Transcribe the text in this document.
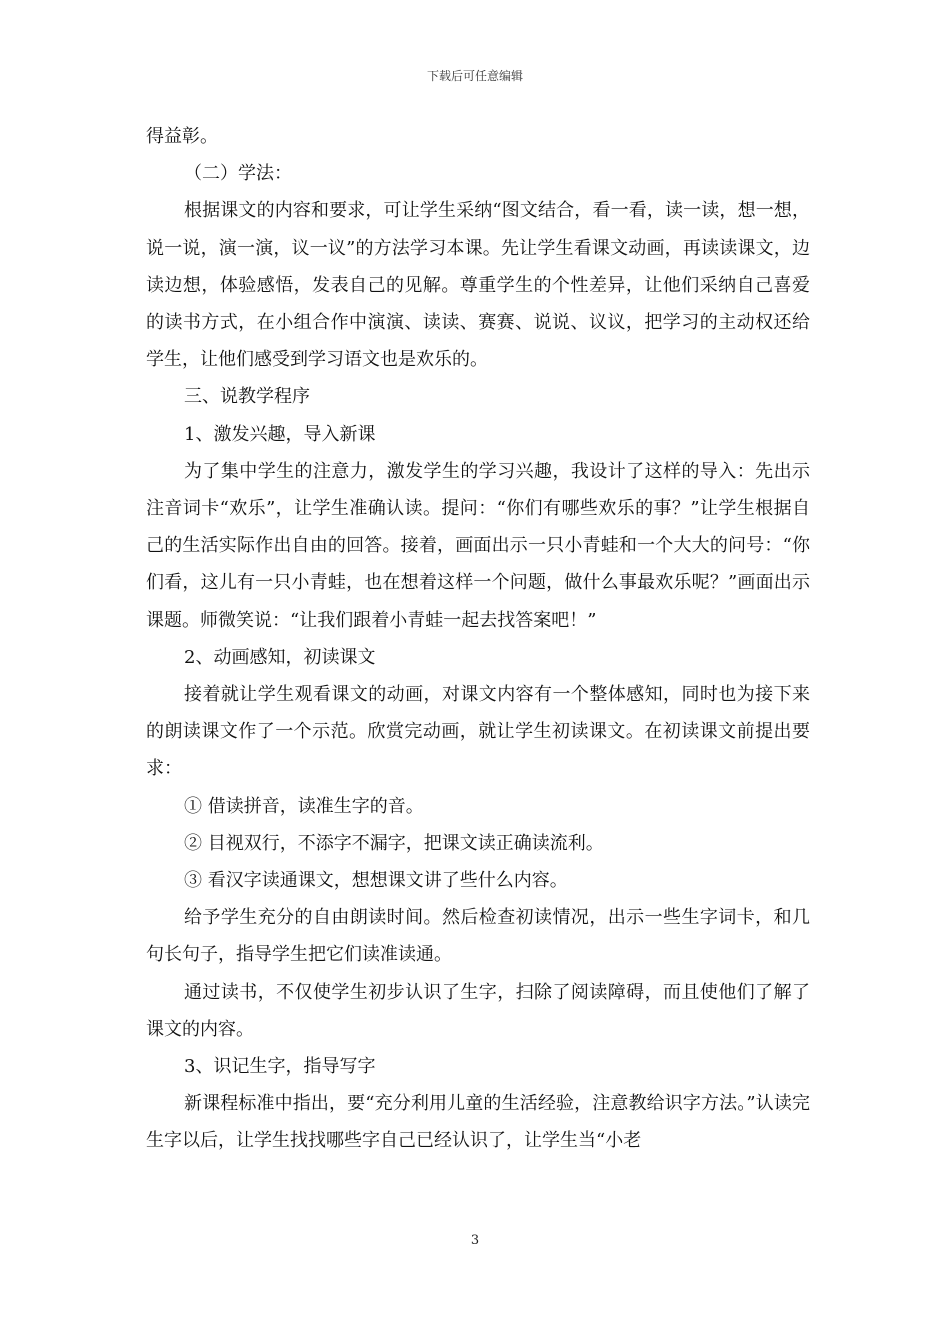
下载后可任意编辑

得益彰。

（二）学法：

根据课文的内容和要求，可让学生采纳“图文结合，看一看，读一读，想一想，说一说，演一演，议一议”的方法学习本课。先让学生看课文动画，再读读课文，边读边想，体验感悟，发表自己的见解。尊重学生的个性差异，让他们采纳自己喜爱的读书方式，在小组合作中演演、读读、赛赛、说说、议议，把学习的主动权还给学生，让他们感受到学习语文也是欢乐的。

三、说教学程序

1、激发兴趣，导入新课

为了集中学生的注意力，激发学生的学习兴趣，我设计了这样的导入：先出示注音词卡“欢乐”，让学生准确认读。提问：“你们有哪些欢乐的事？”让学生根据自己的生活实际作出自由的回答。接着，画面出示一只小青蛙和一个大大的问号：“你们看，这儿有一只小青蛙，也在想着这样一个问题，做什么事最欢乐呢？”画面出示课题。师微笑说：“让我们跟着小青蛙一起去找答案吧！”

2、动画感知，初读课文

接着就让学生观看课文的动画，对课文内容有一个整体感知，同时也为接下来的朗读课文作了一个示范。欣赏完动画，就让学生初读课文。在初读课文前提出要求：

① 借读拼音，读准生字的音。

② 目视双行，不添字不漏字，把课文读正确读流利。

③ 看汉字读通课文，想想课文讲了些什么内容。

给予学生充分的自由朗读时间。然后检查初读情况，出示一些生字词卡，和几句长句子，指导学生把它们读准读通。

通过读书，不仅使学生初步认识了生字，扫除了阅读障碍，而且使他们了解了课文的内容。

3、识记生字，指导写字

新课程标准中指出，要“充分利用儿童的生活经验，注意教给识字方法。”认读完生字以后，让学生找找哪些字自己已经认识了，让学生当“小老

3
